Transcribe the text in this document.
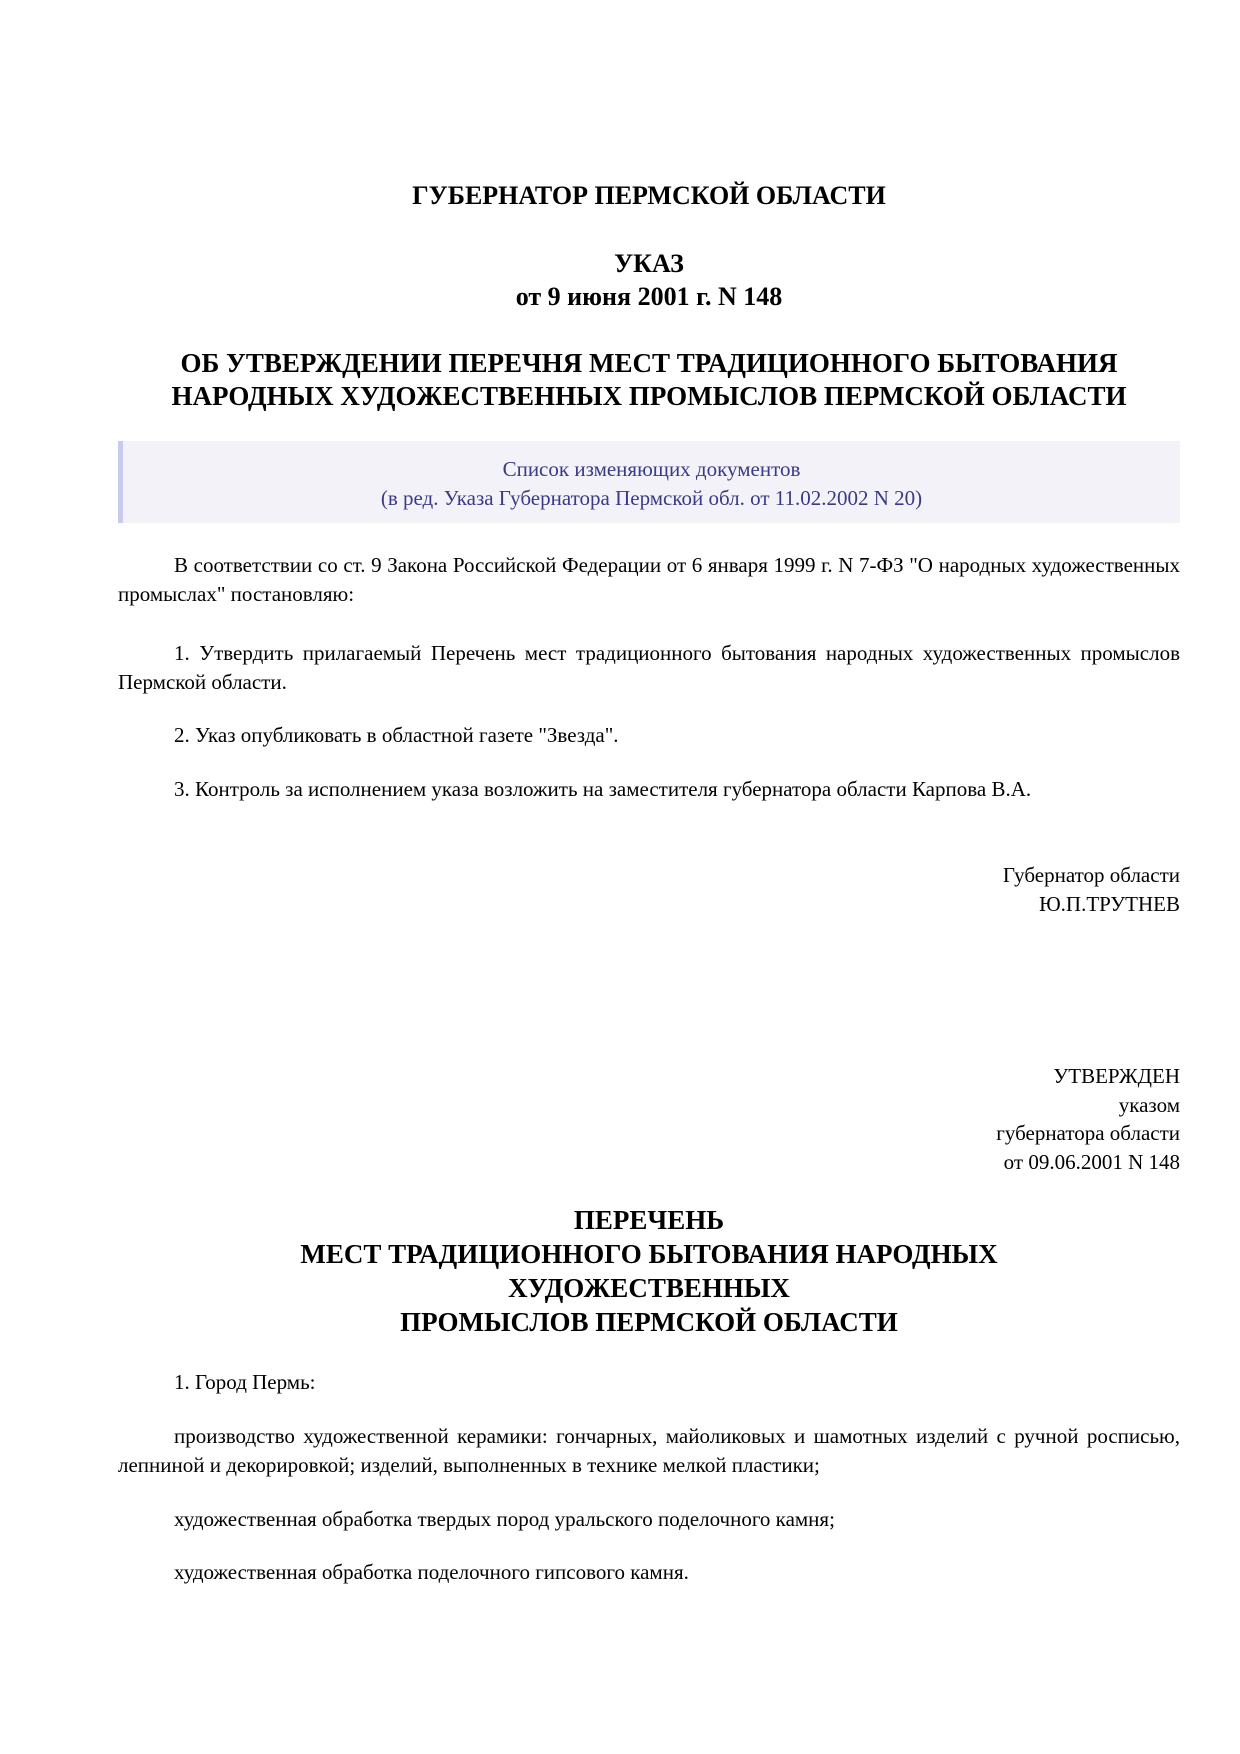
ГУБЕРНАТОР ПЕРМСКОЙ ОБЛАСТИ
УКАЗ
от 9 июня 2001 г. N 148
ОБ УТВЕРЖДЕНИИ ПЕРЕЧНЯ МЕСТ ТРАДИЦИОННОГО БЫТОВАНИЯ
НАРОДНЫХ ХУДОЖЕСТВЕННЫХ ПРОМЫСЛОВ ПЕРМСКОЙ ОБЛАСТИ
Список изменяющих документов
(в ред. Указа Губернатора Пермской обл. от 11.02.2002 N 20)
В соответствии со ст. 9 Закона Российской Федерации от 6 января 1999 г. N 7-ФЗ "О народных художественных промыслах" постановляю:
1. Утвердить прилагаемый Перечень мест традиционного бытования народных художественных промыслов Пермской области.
2. Указ опубликовать в областной газете "Звезда".
3. Контроль за исполнением указа возложить на заместителя губернатора области Карпова В.А.
Губернатор области
Ю.П.ТРУТНЕВ
УТВЕРЖДЕН
указом
губернатора области
от 09.06.2001 N 148
ПЕРЕЧЕНЬ
МЕСТ ТРАДИЦИОННОГО БЫТОВАНИЯ НАРОДНЫХ
ХУДОЖЕСТВЕННЫХ
ПРОМЫСЛОВ ПЕРМСКОЙ ОБЛАСТИ
1. Город Пермь:
производство художественной керамики: гончарных, майоликовых и шамотных изделий с ручной росписью, лепниной и декорировкой; изделий, выполненных в технике мелкой пластики;
художественная обработка твердых пород уральского поделочного камня;
художественная обработка поделочного гипсового камня.
